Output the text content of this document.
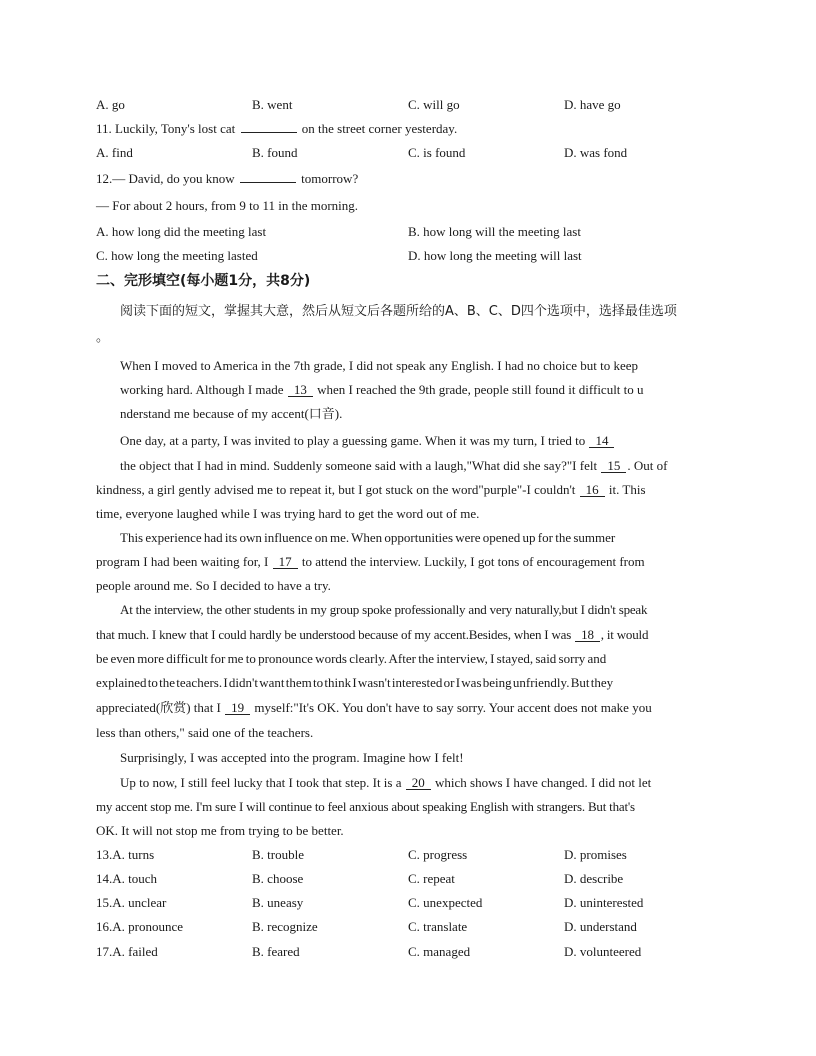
A. go	B. went	C. will go	D. have go
11. Luckily, Tony's lost cat	on the street corner yesterday.
A. find	B. found	C. is found	D. was fond
12.— David, do you know	tomorrow?
— For about 2 hours, from 9 to 11 in the morning.
A. how long did the meeting last	B. how long will the meeting last
C. how long the meeting lasted	D. how long the meeting will last
二、完形填空(每小题1分，共8分)
阅读下面的短文，掌握其大意，然后从短文后各题所给的A、B、C、D四个选项中，选择最佳选项
。
When I moved to America in the 7th grade, I did not speak any English. I had no choice but to keep
working hard. Although I made 13 when I reached the 9th grade, people still found it difficult to u
nderstand me because of my accent(口音).
One day, at a party, I was invited to play a guessing game. When it was my turn, I tried to 14
the object that I had in mind. Suddenly someone said with a laugh,"What did she say?"I felt 15 . Out of
kindness, a girl gently advised me to repeat it, but I got stuck on the word"purple"-I couldn't 16 it. This
time, everyone laughed while I was trying hard to get the word out of me.
This experience had its own influence on me. When opportunities were opened up for the summer
program I had been waiting for, I 17 to attend the interview. Luckily, I got tons of encouragement from
people around me. So I decided to have a try.
At the interview, the other students in my group spoke professionally and very naturally,but I didn't speak
that much. I knew that I could hardly be understood because of my accent.Besides, when I was 18 , it would
be even more difficult for me to pronounce words clearly. After the interview, I stayed, said sorry and
explained to the teachers. I didn't want them to think I wasn't interested or I was being unfriendly. But they
appreciated(欣赏) that I 19 myself:"It's OK. You don't have to say sorry. Your accent does not make you
less than others," said one of the teachers.
Surprisingly, I was accepted into the program. Imagine how I felt!
Up to now, I still feel lucky that I took that step. It is a 20 which shows I have changed. I did not let
my accent stop me. I'm sure I will continue to feel anxious about speaking English with strangers. But that's
OK. It will not stop me from trying to be better.
13.A. turns	B. trouble	C. progress	D. promises
14.A. touch	B. choose	C. repeat	D. describe
15.A. unclear	B. uneasy	C. unexpected	D. uninterested
16.A. pronounce	B. recognize	C. translate	D. understand
17.A. failed	B. feared	C. managed	D. volunteered
